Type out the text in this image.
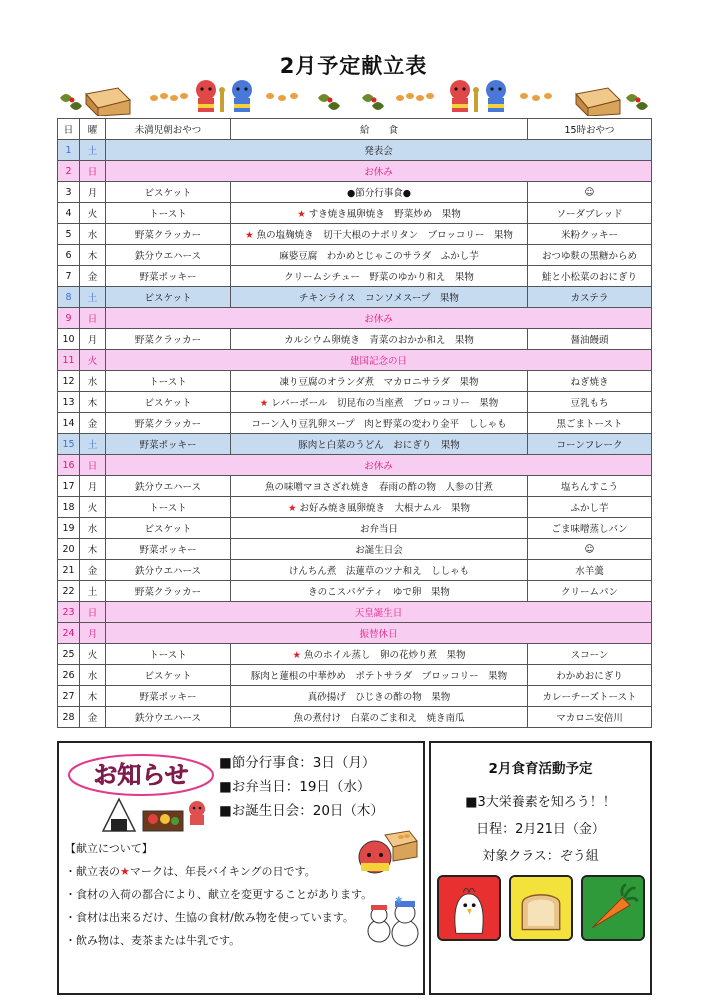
2月予定献立表
日	曜	未満児朝おやつ	給　　食	15時おやつ
1	土	発表会		
2	日	お休み		
3	月	ビスケット	●節分行事食●	☺
4	火	トースト	★ すき焼き風卵焼き　野菜炒め　果物	ソーダブレッド
5	水	野菜クラッカー	★ 魚の塩麹焼き　切干大根のナポリタン　ブロッコリー　果物	米粉クッキー
6	木	鉄分ウエハース	麻婆豆腐　わかめとじゃこのサラダ　ふかし芋	おつゆ麩の黒糖からめ
7	金	野菜ポッキー	クリームシチュー　野菜のゆかり和え　果物	鮭と小松菜のおにぎり
8	土	ビスケット	チキンライス　コンソメスープ　果物	カステラ
9	日	お休み		
10	月	野菜クラッカー	カルシウム卵焼き　青菜のおかか和え　果物	醤油饅頭
11	火	建国記念の日		
12	水	トースト	凍り豆腐のオランダ煮　マカロニサラダ　果物	ねぎ焼き
13	木	ビスケット	★ レバーボール　切昆布の当座煮　ブロッコリー　果物	豆乳もち
14	金	野菜クラッカー	コーン入り豆乳卵スープ　肉と野菜の変わり金平　ししゃも	黒ごまトースト
15	土	野菜ポッキー	豚肉と白菜のうどん　おにぎり　果物	コーンフレーク
16	日	お休み		
17	月	鉄分ウエハース	魚の味噌マヨさざれ焼き　春雨の酢の物　人参の甘煮	塩ちんすこう
18	火	トースト	★ お好み焼き風卵焼き　大根ナムル　果物	ふかし芋
19	水	ビスケット	お弁当日	ごま味噌蒸しパン
20	木	野菜ポッキー	お誕生日会	☺
21	金	鉄分ウエハース	けんちん煮　法蓮草のツナ和え　ししゃも	水羊羹
22	土	野菜クラッカー	きのこスパゲティ　ゆで卵　果物	クリームパン
23	日	天皇誕生日		
24	月	振替休日		
25	火	トースト	★ 魚のホイル蒸し　卵の花炒り煮　果物	スコーン
26	水	ビスケット	豚肉と蓮根の中華炒め　ポテトサラダ　ブロッコリー　果物	わかめおにぎり
27	木	野菜ポッキー	真砂揚げ　ひじきの酢の物　果物	カレーチーズトースト
28	金	鉄分ウエハース	魚の煮付け　白菜のごま和え　焼き南瓜	マカロニ安倍川
お知らせ ■節分行事食：3日（月）
■お弁当日：19日（水）
■お誕生日会：20日（木）
【献立について】
・献立表の★マークは、年長バイキングの日です。
・食材の入荷の都合により、献立を変更することがあります。
・食材は出来るだけ、生協の食材/飲み物を使っています。
・飲み物は、麦茶または牛乳です。
✱
2月食育活動予定
■3大栄養素を知ろう！！
日程：2月21日（金）
対象クラス：ぞう組
